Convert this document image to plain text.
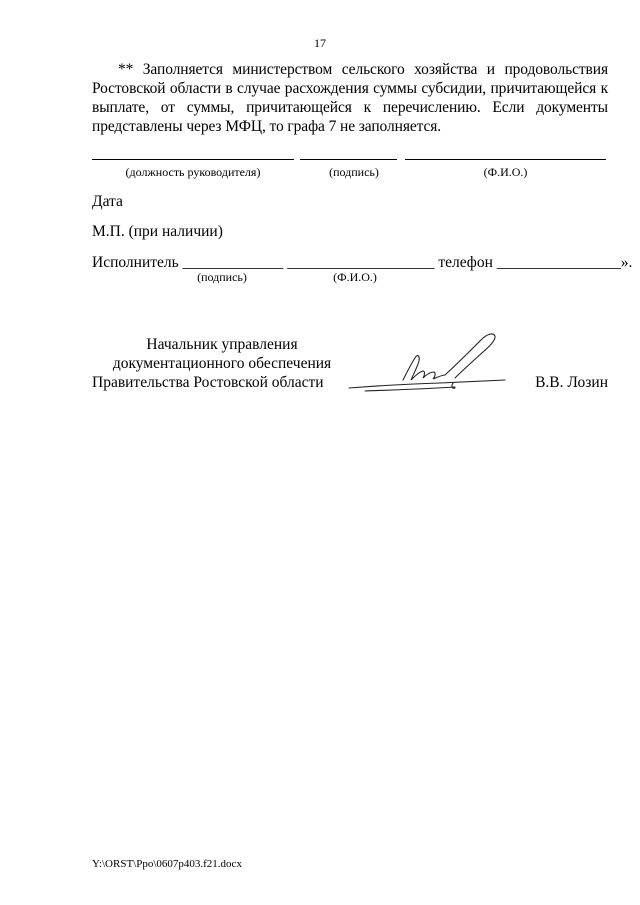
17
** Заполняется министерством сельского хозяйства и продовольствия Ростовской области в случае расхождения суммы субсидии, причитающейся к выплате, от суммы, причитающейся к перечислению. Если документы представлены через МФЦ, то графа 7 не заполняется.
(должность руководителя)	(подпись)	(Ф.И.О.)
Дата
М.П. (при наличии)
Исполнитель _____________ ___________________ телефон ________________».
(подпись)	(Ф.И.О.)
Начальник управления
документационного обеспечения
Правительства Ростовской области	В.В. Лозин
Y:\ORST\Ppo\0607p403.f21.docx
